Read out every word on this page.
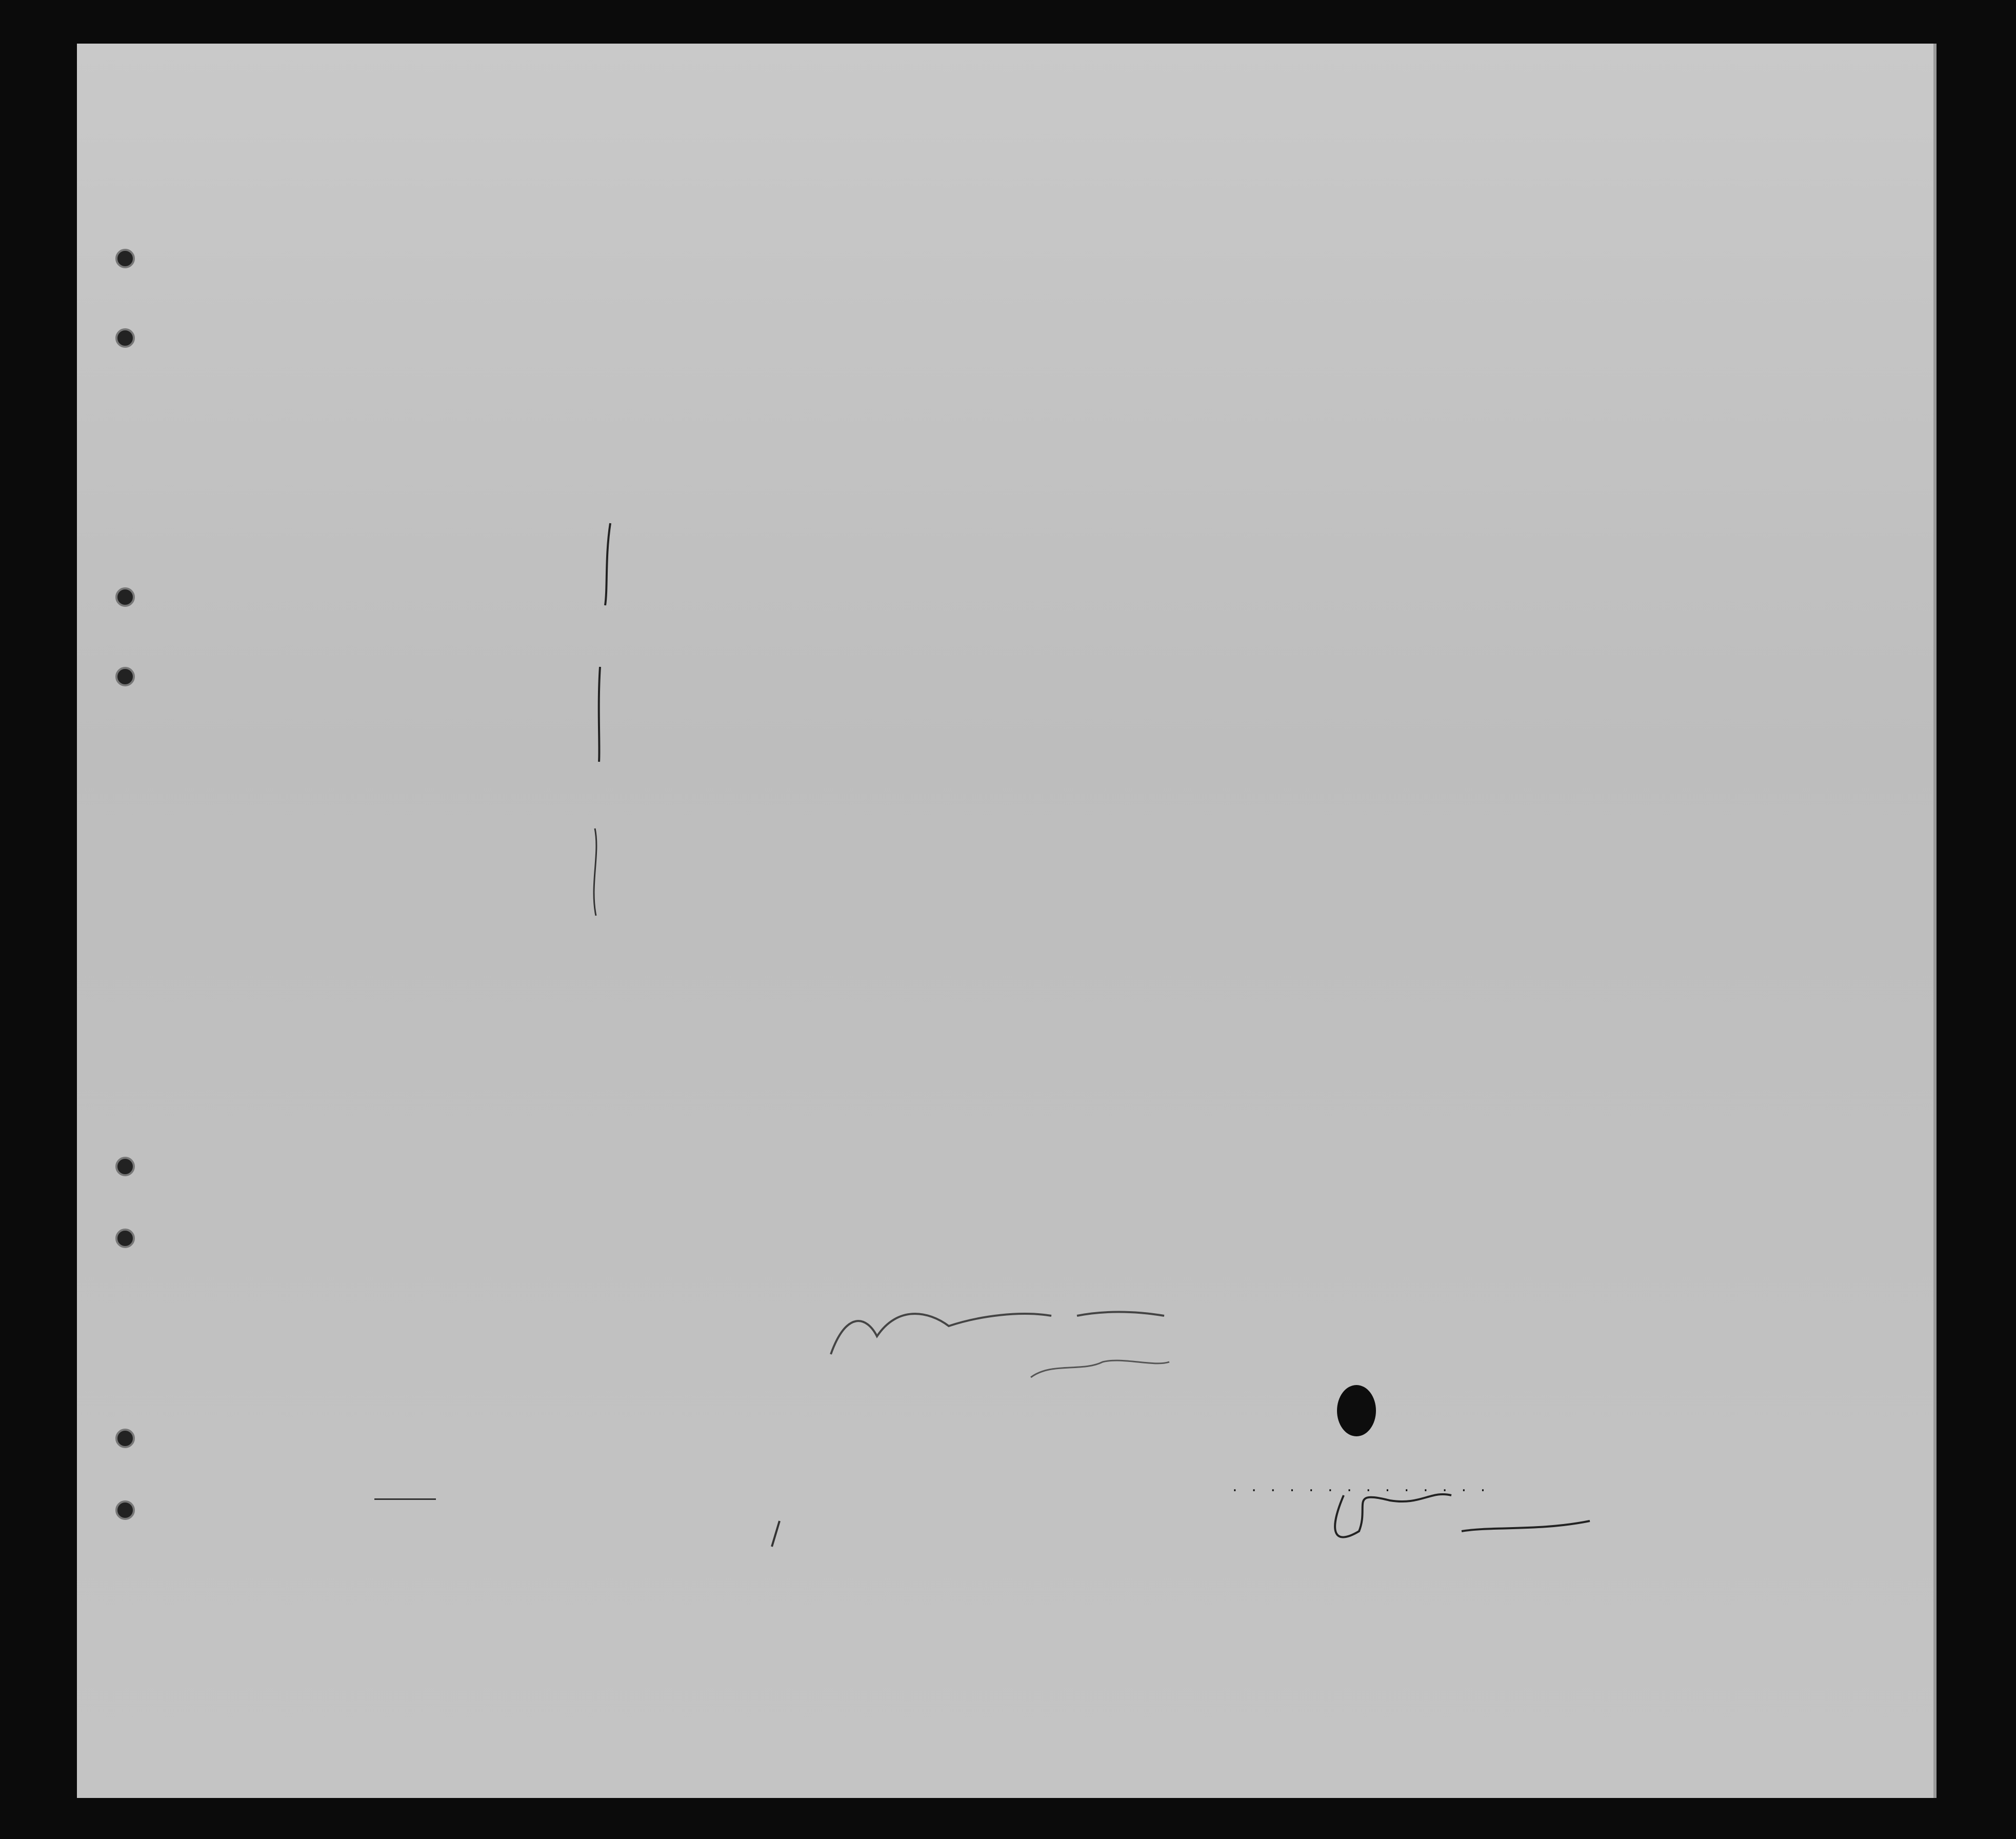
. . . . . . . . . . . . . .
